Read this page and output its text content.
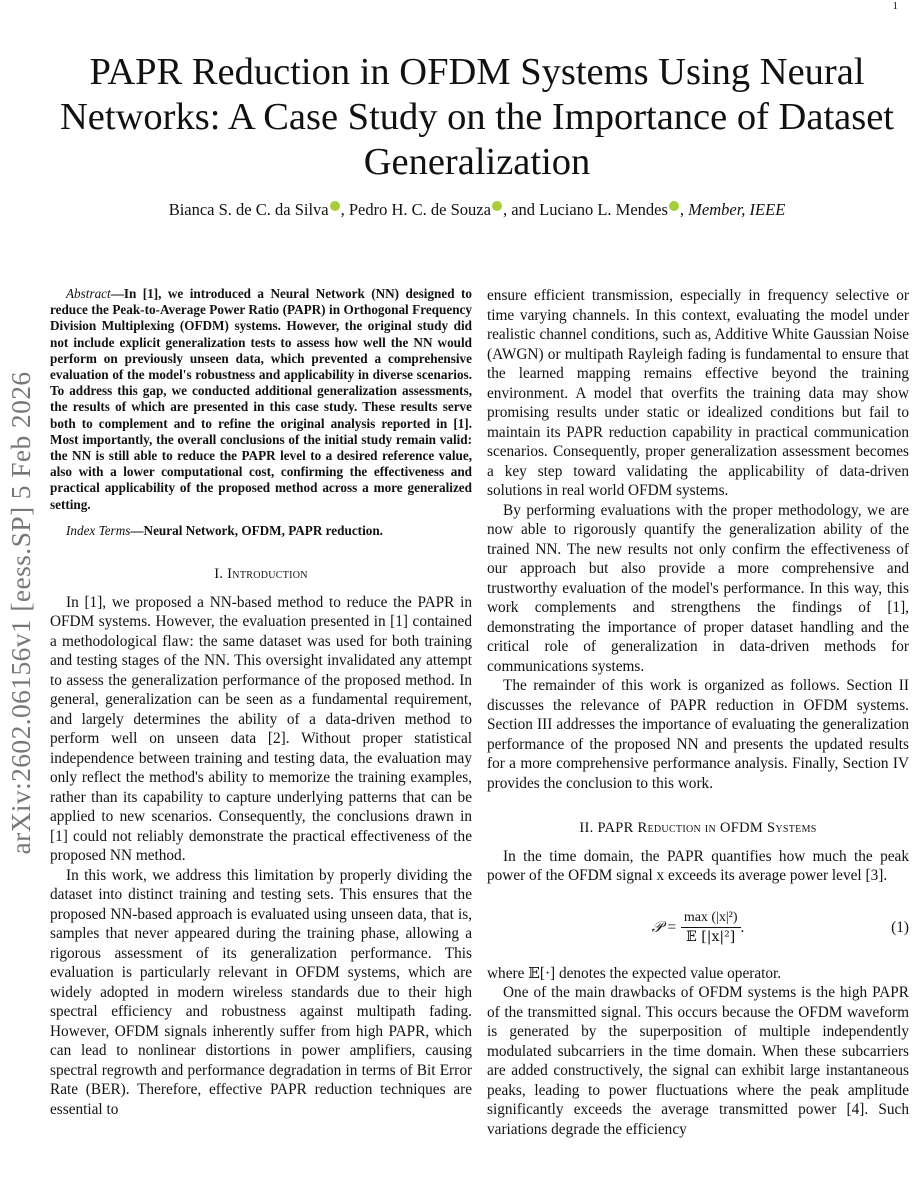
1
arXiv:2602.06156v1 [eess.SP] 5 Feb 2026
PAPR Reduction in OFDM Systems Using Neural Networks: A Case Study on the Importance of Dataset Generalization
Bianca S. de C. da Silva , Pedro H. C. de Souza , and Luciano L. Mendes , Member, IEEE

Abstract—In [1], we introduced a Neural Network (NN) designed to reduce the Peak-to-Average Power Ratio (PAPR) in Orthogonal Frequency Division Multiplexing (OFDM) systems. However, the original study did not include explicit generalization tests to assess how well the NN would perform on previously unseen data, which prevented a comprehensive evaluation of the model's robustness and applicability in diverse scenarios. To address this gap, we conducted additional generalization assessments, the results of which are presented in this case study. These results serve both to complement and to refine the original analysis reported in [1]. Most importantly, the overall conclusions of the initial study remain valid: the NN is still able to reduce the PAPR level to a desired reference value, also with a lower computational cost, confirming the effectiveness and practical applicability of the proposed method across a more generalized setting.

Index Terms—Neural Network, OFDM, PAPR reduction.

I. Introduction

In [1], we proposed a NN-based method to reduce the PAPR in OFDM systems. However, the evaluation presented in [1] contained a methodological flaw: the same dataset was used for both training and testing stages of the NN. This oversight invalidated any attempt to assess the generalization performance of the proposed method. In general, generalization can be seen as a fundamental requirement, and largely determines the ability of a data-driven method to perform well on unseen data [2]. Without proper statistical independence between training and testing data, the evaluation may only reflect the method's ability to memorize the training examples, rather than its capability to capture underlying patterns that can be applied to new scenarios. Consequently, the conclusions drawn in [1] could not reliably demonstrate the practical effectiveness of the proposed NN method.

In this work, we address this limitation by properly dividing the dataset into distinct training and testing sets. This ensures that the proposed NN-based approach is evaluated using unseen data, that is, samples that never appeared during the training phase, allowing a rigorous assessment of its generalization performance. This evaluation is particularly relevant in OFDM systems, which are widely adopted in modern wireless standards due to their high spectral efficiency and robustness against multipath fading. However, OFDM signals inherently suffer from high PAPR, which can lead to nonlinear distortions in power amplifiers, causing spectral regrowth and performance degradation in terms of Bit Error Rate (BER). Therefore, effective PAPR reduction techniques are essential to

ensure efficient transmission, especially in frequency selective or time varying channels. In this context, evaluating the model under realistic channel conditions, such as, Additive White Gaussian Noise (AWGN) or multipath Rayleigh fading is fundamental to ensure that the learned mapping remains effective beyond the training environment. A model that overfits the training data may show promising results under static or idealized conditions but fail to maintain its PAPR reduction capability in practical communication scenarios. Consequently, proper generalization assessment becomes a key step toward validating the applicability of data-driven solutions in real world OFDM systems.

By performing evaluations with the proper methodology, we are now able to rigorously quantify the generalization ability of the trained NN. The new results not only confirm the effectiveness of our approach but also provide a more comprehensive and trustworthy evaluation of the model's performance. In this way, this work complements and strengthens the findings of [1], demonstrating the importance of proper dataset handling and the critical role of generalization in data-driven methods for communications systems.

The remainder of this work is organized as follows. Section II discusses the relevance of PAPR reduction in OFDM systems. Section III addresses the importance of evaluating the generalization performance of the proposed NN and presents the updated results for a more comprehensive performance analysis. Finally, Section IV provides the conclusion to this work.

II. PAPR Reduction in OFDM Systems

In the time domain, the PAPR quantifies how much the peak power of the OFDM signal x exceeds its average power level [3].

𝒫 = $\frac{\text{max (|x|²)}}{\text{𝔼 [|x|²]}}$ .	(1)

where 𝔼[·] denotes the expected value operator.

One of the main drawbacks of OFDM systems is the high PAPR of the transmitted signal. This occurs because the OFDM waveform is generated by the superposition of multiple independently modulated subcarriers in the time domain. When these subcarriers are added constructively, the signal can exhibit large instantaneous peaks, leading to power fluctuations where the peak amplitude significantly exceeds the average transmitted power [4]. Such variations degrade the efficiency
